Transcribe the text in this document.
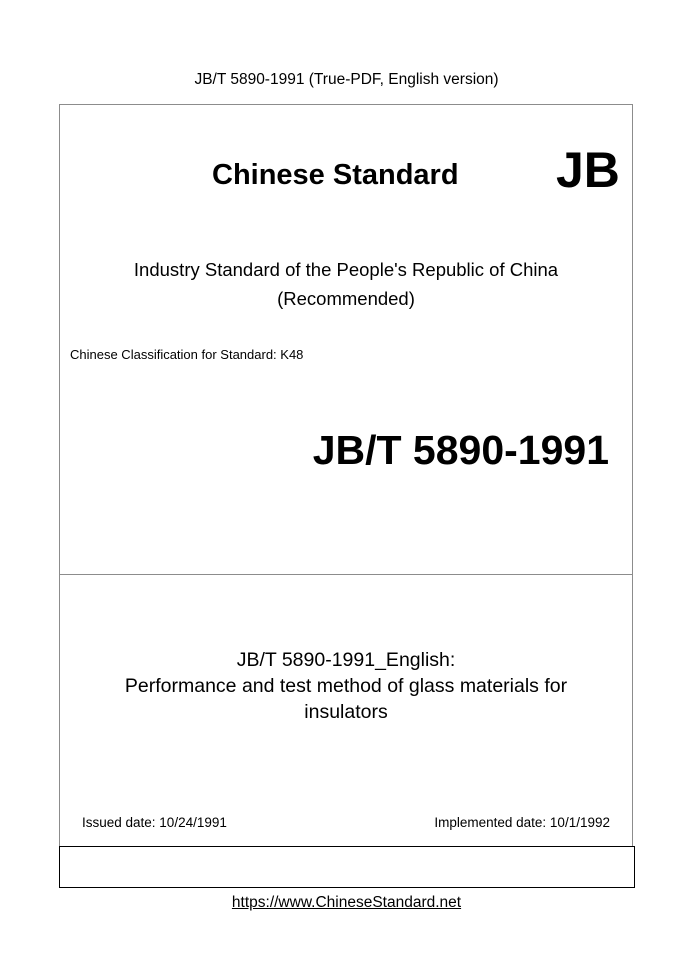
JB/T 5890-1991 (True-PDF, English version)
Chinese Standard JB
Industry Standard of the People's Republic of China
(Recommended)
Chinese Classification for Standard: K48
JB/T 5890-1991
JB/T 5890-1991_English:
Performance and test method of glass materials for
insulators
Issued date: 10/24/1991	Implemented date: 10/1/1992
https://www.ChineseStandard.net
